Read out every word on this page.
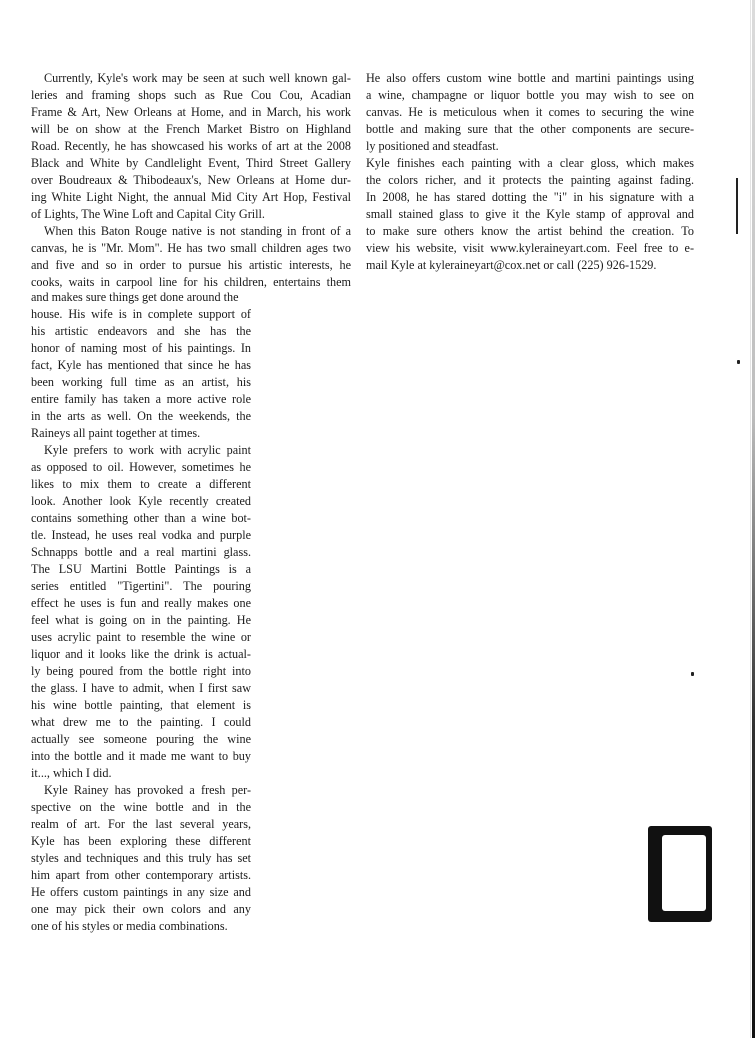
Currently, Kyle's work may be seen at such well known gal-

leries and framing shops such as Rue Cou Cou, Acadian

Frame & Art, New Orleans at Home, and in March, his work

will be on show at the French Market Bistro on Highland

Road. Recently, he has showcased his works of art at the 2008

Black and White by Candlelight Event, Third Street Gallery

over Boudreaux & Thibodeaux's, New Orleans at Home dur-

ing White Light Night, the annual Mid City Art Hop, Festival

of Lights, The Wine Loft and Capital City Grill.

When this Baton Rouge native is not standing in front of a

canvas, he is "Mr. Mom". He has two small children ages two

and five and so in order to pursue his artistic interests, he

cooks, waits in carpool line for his children, entertains them

and makes sure things get done around the

house. His wife is in complete support of

his artistic endeavors and she has the

honor of naming most of his paintings. In

fact, Kyle has mentioned that since he has

been working full time as an artist, his

entire family has taken a more active role

in the arts as well. On the weekends, the

Raineys all paint together at times.

Kyle prefers to work with acrylic paint

as opposed to oil. However, sometimes he

likes to mix them to create a different

look. Another look Kyle recently created

contains something other than a wine bot-

tle. Instead, he uses real vodka and purple

Schnapps bottle and a real martini glass.

The LSU Martini Bottle Paintings is a

series entitled "Tigertini". The pouring

effect he uses is fun and really makes one

feel what is going on in the painting. He

uses acrylic paint to resemble the wine or

liquor and it looks like the drink is actual-

ly being poured from the bottle right into

the glass. I have to admit, when I first saw

his wine bottle painting, that element is

what drew me to the painting. I could

actually see someone pouring the wine

into the bottle and it made me want to buy

it..., which I did.

Kyle Rainey has provoked a fresh per-

spective on the wine bottle and in the

realm of art. For the last several years,

Kyle has been exploring these different

styles and techniques and this truly has set

him apart from other contemporary artists.

He offers custom paintings in any size and

one may pick their own colors and any

one of his styles or media combinations.

He also offers custom wine bottle and martini paintings using

a wine, champagne or liquor bottle you may wish to see on

canvas. He is meticulous when it comes to securing the wine

bottle and making sure that the other components are secure-

ly positioned and steadfast.

Kyle finishes each painting with a clear gloss, which makes

the colors richer, and it protects the painting against fading.

In 2008, he has stared dotting the "i" in his signature with a

small stained glass to give it the Kyle stamp of approval and

to make sure others know the artist behind the creation. To

view his website, visit www.kyleraineyart.com. Feel free to e-

mail Kyle at kyleraineyart@cox.net or call (225) 926-1529.
